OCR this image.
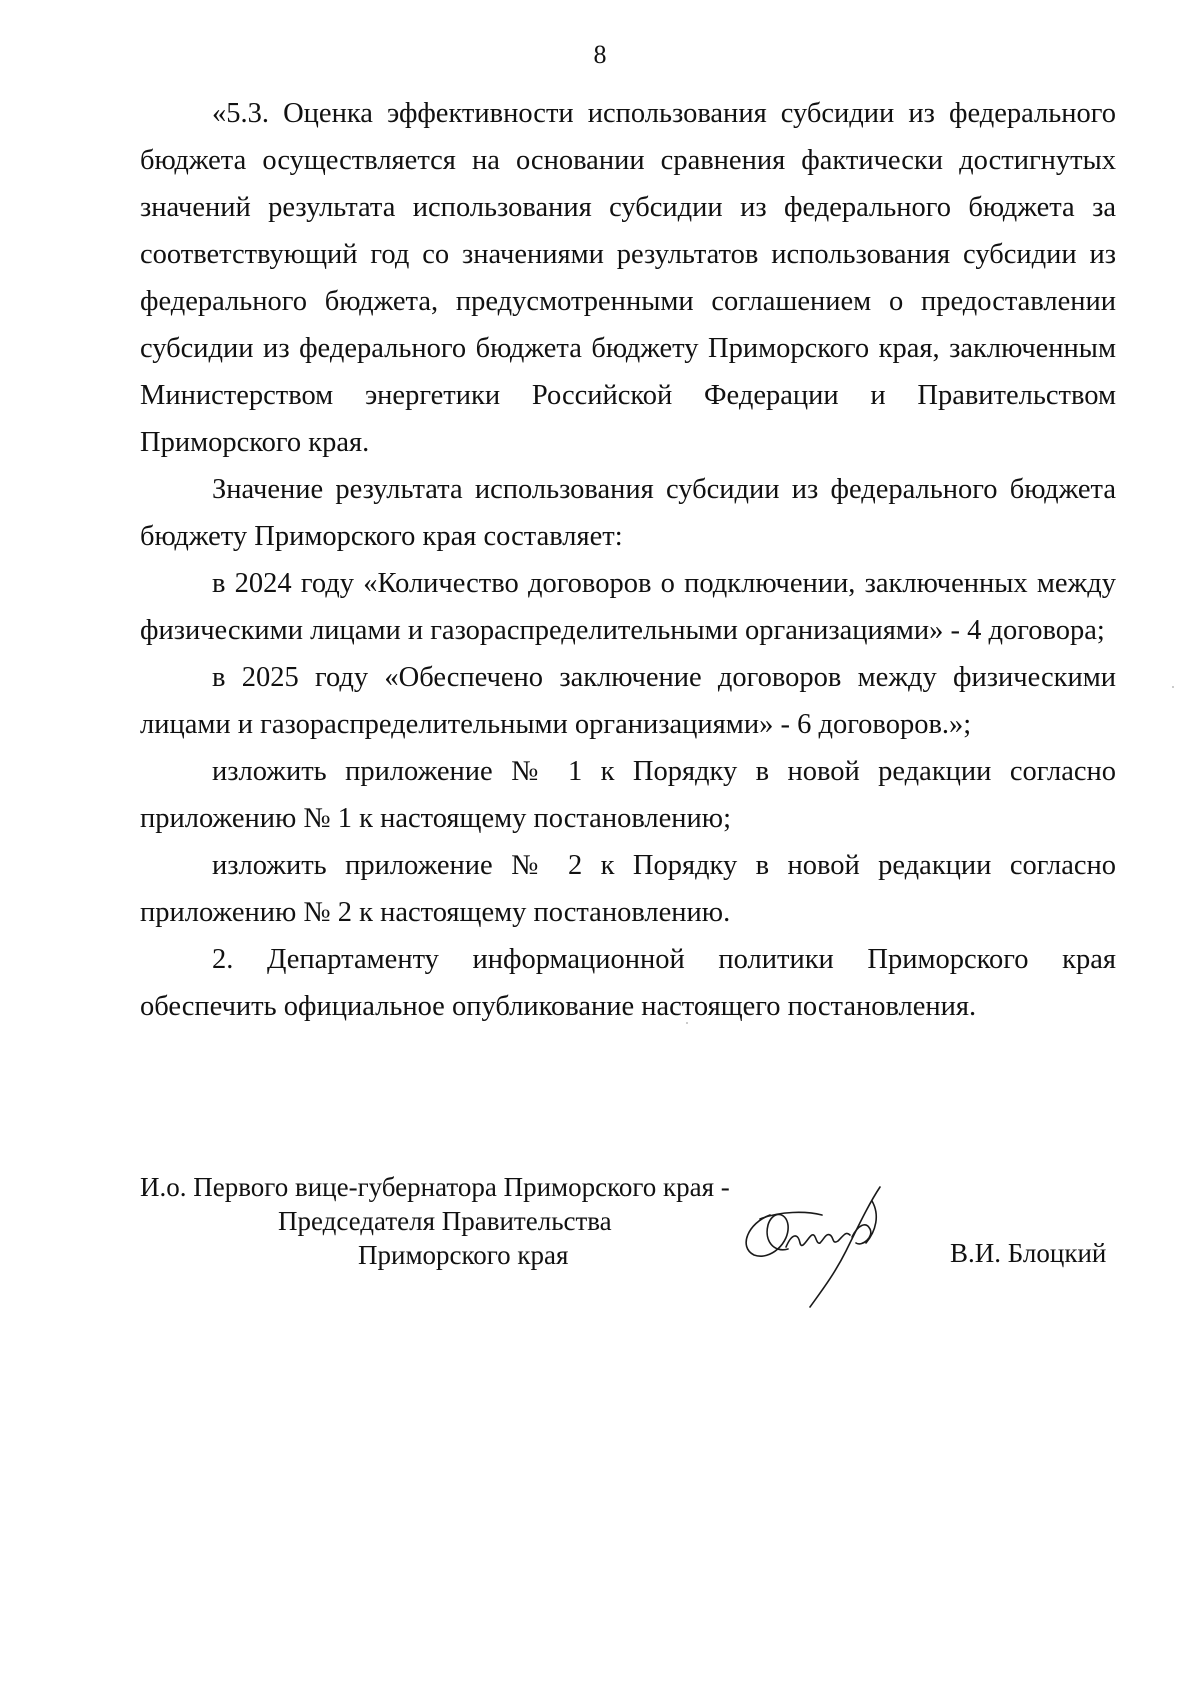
8

«5.3. Оценка эффективности использования субсидии из федерального бюджета осуществляется на основании сравнения фактически достигнутых значений результата использования субсидии из федерального бюджета за соответствующий год со значениями результатов использования субсидии из федерального бюджета, предусмотренными соглашением о предоставлении субсидии из федерального бюджета бюджету Приморского края, заключенным Министерством энергетики Российской Федерации и Правительством Приморского края.

Значение результата использования субсидии из федерального бюджета бюджету Приморского края составляет:

в 2024 году «Количество договоров о подключении, заключенных между физическими лицами и газораспределительными организациями» - 4 договора;

в 2025 году «Обеспечено заключение договоров между физическими лицами и газораспределительными организациями» - 6 договоров.»;

изложить приложение № 1 к Порядку в новой редакции согласно приложению № 1 к настоящему постановлению;

изложить приложение № 2 к Порядку в новой редакции согласно приложению № 2 к настоящему постановлению.

2. Департаменту информационной политики Приморского края обеспечить официальное опубликование настоящего постановления.

И.о. Первого вице-губернатора Приморского края -
Председателя Правительства
Приморского края	В.И. Блоцкий
